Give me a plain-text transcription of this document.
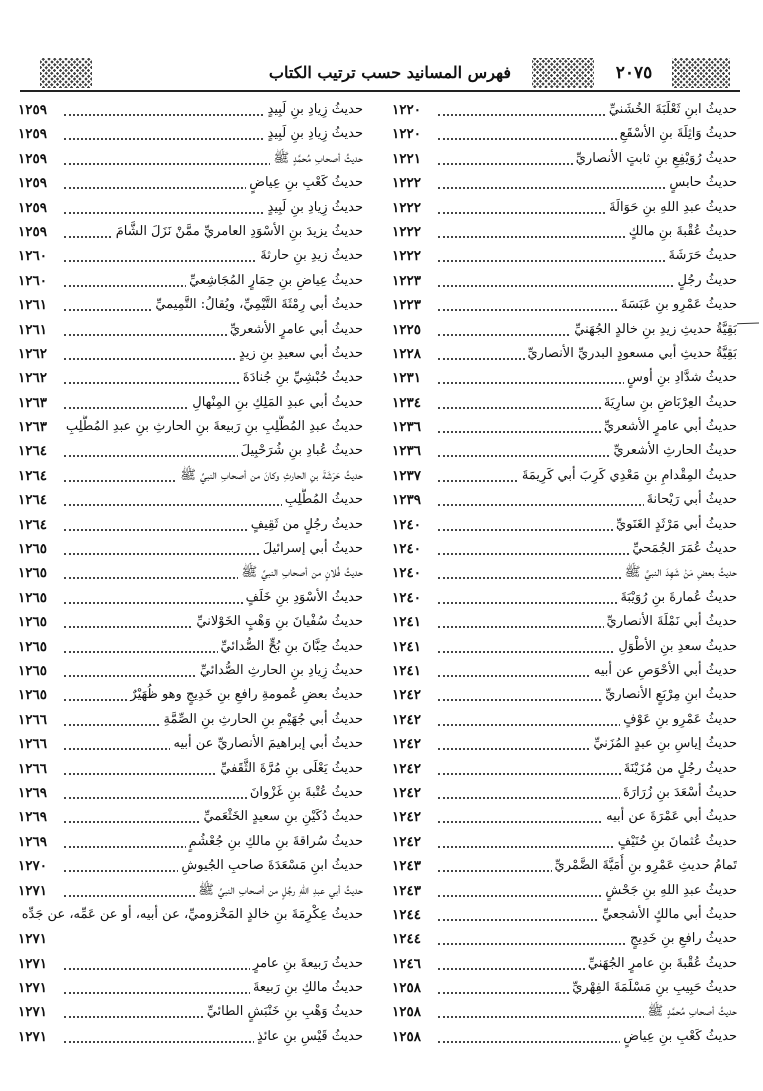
فهرس المسانيد حسب ترتيب الكتاب	٢٠٧٥
حديثُ ابنِ ثَعْلَبَةَ الخُشَنيِّ
١٢٢٠
حديثُ وَاثِلَةَ بنِ الأسْقَعِ
١٢٢٠
حديثُ رُوَيْفِعِ بنِ ثابتٍ الأنصاريِّ
١٢٢١
حديثُ حابسٍ
١٢٢٢
حديثُ عبدِ اللهِ بنِ حَوَالَةَ
١٢٢٢
حديثُ عُقْبةَ بنِ مالكٍ
١٢٢٢
حديثُ حَرَشَةَ
١٢٢٢
حديثُ رجُلٍ
١٢٢٣
حديثُ عَمْرِو بنِ عَبَسَةَ
١٢٢٣
بَقِيَّةُ حديثِ زيدِ بنِ خالدٍ الجُهَنيِّ
١٢٢٥
بَقِيَّةُ حديثِ أبي مسعودٍ البدريِّ الأنصاريِّ
١٢٢٨
حديثُ شدَّادِ بنِ أوسٍ
١٢٣١
حديثُ العِرْبَاضِ بنِ سارِيَةَ
١٢٣٤
حديثُ أبي عامرٍ الأشعريِّ
١٢٣٦
حديثُ الحارثِ الأشعريِّ
١٢٣٦
حديثُ المِقْدامِ بنِ مَعْدِي كَرِبَ أبي كَرِيمَةَ
١٢٣٧
حديثُ أبي رَيْحانةَ
١٢٣٩
حديثُ أبي مَرْثَدٍ الغَنَويِّ
١٢٤٠
حديثُ عُمَرَ الجُمَحيِّ
١٢٤٠
حديثُ بعضِ مَنْ شَهِدَ النبيَّ ﷺ
١٢٤٠
حديثُ عُمارةَ بنِ رُوَيْبَةَ
١٢٤٠
حديثُ أبي نَمْلَةَ الأنصاريِّ
١٢٤١
حديثُ سعدِ بنِ الأطْوَلِ
١٢٤١
حديثُ أبي الأحْوَصِ عن أبيه
١٢٤١
حديثُ ابنِ مِرْبَعٍ الأنصاريِّ
١٢٤٢
حديثُ عَمْرِو بنِ عَوْفٍ
١٢٤٢
حديثُ إياسِ بنِ عبدٍ المُزَنيِّ
١٢٤٢
حديثُ رجُلٍ من مُزَيْنَةَ
١٢٤٢
حديثُ أسْعَدَ بنِ زُرَارَةَ
١٢٤٢
حديثُ أبي عَمْرَةَ عن أبيه
١٢٤٢
حديثُ عُثمانَ بنِ حُنَيْفٍ
١٢٤٢
تَمامُ حديثِ عَمْرِو بنِ أُمَيَّةَ الضَّمْريِّ
١٢٤٣
حديثُ عبدِ اللهِ بنِ جَحْشٍ
١٢٤٣
حديثُ أبي مالكٍ الأشجعيِّ
١٢٤٤
حديثُ رافعِ بنِ خَدِيجٍ
١٢٤٤
حديثُ عُقْبةَ بنِ عامرٍ الجُهَنيِّ
١٢٤٦
حديثُ حَبِيبِ بنِ مَسْلَمَةَ الفِهْريِّ
١٢٥٨
حديثُ أصحابِ مُحمَّدٍ ﷺ
١٢٥٨
حديثُ كَعْبِ بنِ عِياضٍ
١٢٥٨
حديثُ زِيادِ بنِ لَبِيدٍ
١٢٥٩
حديثُ زِيادِ بنِ لَبِيدٍ
١٢٥٩
حديثُ أصحابِ مُحمَّدٍ ﷺ
١٢٥٩
حديثُ كَعْبِ بنِ عِياضٍ
١٢٥٩
حديثُ زِيادِ بنِ لَبِيدٍ
١٢٥٩
حديثُ يزيدَ بنِ الأسْوَدِ العامريِّ ممَّنْ نَزَلَ الشَّامَ
١٢٥٩
حديثُ زيدِ بنِ حارثةَ
١٢٦٠
حديثُ عِياضِ بنِ حِمَارٍ المُجَاشِعيِّ
١٢٦٠
حديثُ أبي رِمْثَةَ التَّيْمِيِّ، ويُقالُ: التَّمِيميِّ
١٢٦١
حديثُ أبي عامرٍ الأشعريِّ
١٢٦١
حديثُ أبي سعيدِ بنِ زيدٍ
١٢٦٢
حديثُ حُبْشِيِّ بنِ جُنادَةَ
١٢٦٢
حديثُ أبي عبدِ المَلِكِ بنِ المِنْهالِ
١٢٦٣
حديثُ عبدِ المُطَّلِبِ بنِ رَبيعةَ بنِ الحارثِ بنِ عبدِ المُطَّلِبِ
١٢٦٣
حديثُ عُبادِ بنِ شُرَحْبِيلَ
١٢٦٤
حديثُ حَرَشَةَ بنِ الحارثِ وكانَ من أصحابِ النبيِّ ﷺ
١٢٦٤
حديثُ المُطَّلِبِ
١٢٦٤
حديثُ رجُلٍ من ثَقِيفٍ
١٢٦٤
حديثُ أبي إسرائيلَ
١٢٦٥
حديثُ فُلانٍ من أصحابِ النبيِّ ﷺ
١٢٦٥
حديثُ الأسْوَدِ بنِ خَلَفٍ
١٢٦٥
حديثُ سُفْيانَ بنِ وَهْبٍ الخَوْلانيِّ
١٢٦٥
حديثُ حِبَّانَ بنِ بُحٍّ الصُّدائيِّ
١٢٦٥
حديثُ زِيادِ بنِ الحارثِ الصُّدائيِّ
١٢٦٥
حديثُ بعضِ عُمومةِ رافعِ بنِ خَدِيجٍ وهو ظُهَيْرٌ
١٢٦٥
حديثُ أبي جُهَيْمِ بنِ الحارثِ بنِ الصِّمَّةِ
١٢٦٦
حديثُ أبي إبراهيمَ الأنصاريِّ عن أبيه
١٢٦٦
حديثُ يَعْلَى بنِ مُرَّةَ الثَّقَفيِّ
١٢٦٦
حديثُ عُتْبةَ بنِ غَزْوانَ
١٢٦٩
حديثُ دُكَيْنِ بنِ سعيدٍ الخَثْعَميِّ
١٢٦٩
حديثُ سُراقةَ بنِ مالكِ بنِ جُعْشُمٍ
١٢٦٩
حديثُ ابنِ مَسْعَدَةَ صاحبِ الجُيوشِ
١٢٧٠
حديثُ أبي عبدِ اللهِ رجُلٍ من أصحابِ النبيِّ ﷺ
١٢٧١
حديثُ عِكْرِمَةَ بنِ خالدٍ المَخْزوميِّ، عن أبيه، أو عن عَمِّه، عن جَدِّه
١٢٧١
حديثُ رَبيعةَ بنِ عامرٍ
١٢٧١
حديثُ مالكِ بنِ رَبيعةَ
١٢٧١
حديثُ وَهْبِ بنِ خَنْبَشٍ الطائيِّ
١٢٧١
حديثُ قَيْسِ بنِ عائذٍ
١٢٧١
